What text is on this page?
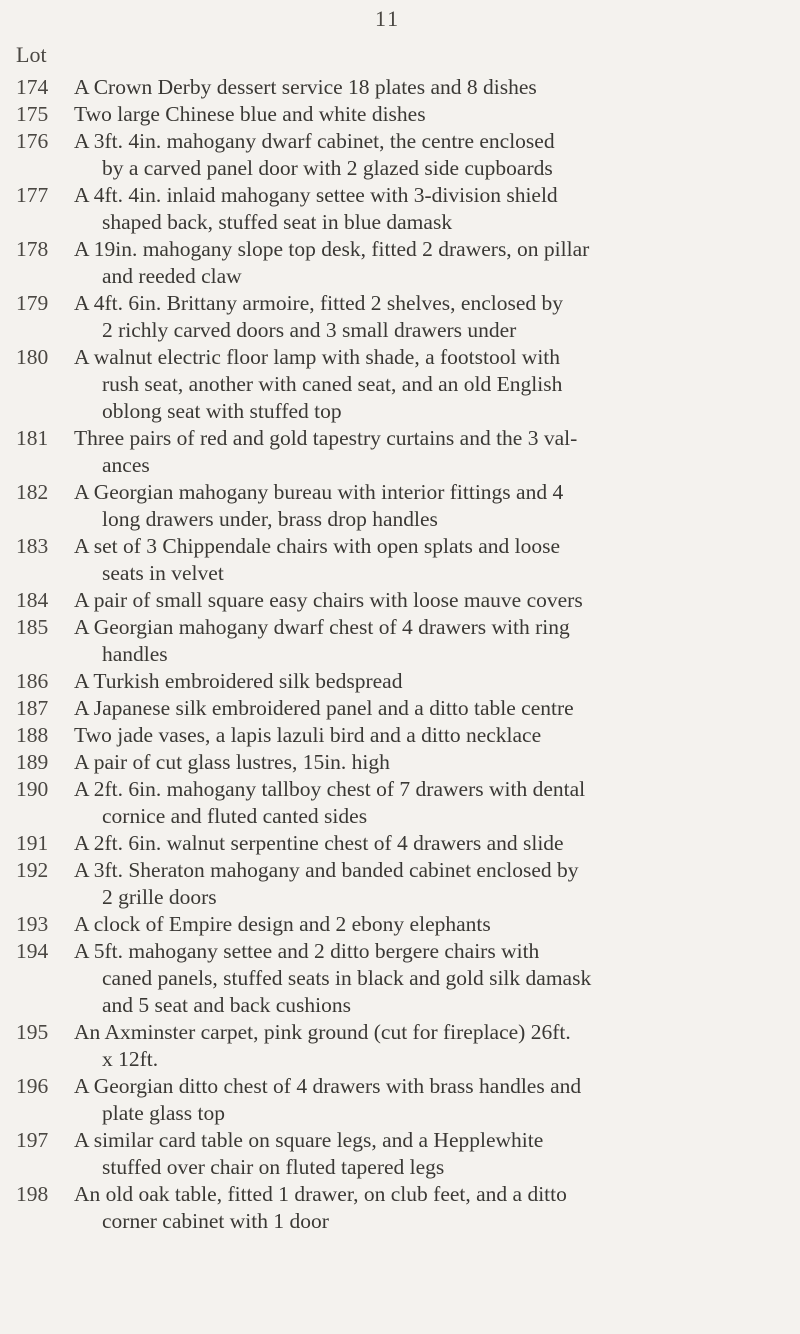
11
Lot
174	A Crown Derby dessert service 18 plates and 8 dishes
175	Two large Chinese blue and white dishes
176	A 3ft. 4in. mahogany dwarf cabinet, the centre enclosed
by a carved panel door with 2 glazed side cupboards
177	A 4ft. 4in. inlaid mahogany settee with 3-division shield
shaped back, stuffed seat in blue damask
178	A 19in. mahogany slope top desk, fitted 2 drawers, on pillar
and reeded claw
179	A 4ft. 6in. Brittany armoire, fitted 2 shelves, enclosed by
2 richly carved doors and 3 small drawers under
180	A walnut electric floor lamp with shade, a footstool with
rush seat, another with caned seat, and an old English
oblong seat with stuffed top
181	Three pairs of red and gold tapestry curtains and the 3 val-
ances
182	A Georgian mahogany bureau with interior fittings and 4
long drawers under, brass drop handles
183	A set of 3 Chippendale chairs with open splats and loose
seats in velvet
184	A pair of small square easy chairs with loose mauve covers
185	A Georgian mahogany dwarf chest of 4 drawers with ring
handles
186	A Turkish embroidered silk bedspread
187	A Japanese silk embroidered panel and a ditto table centre
188	Two jade vases, a lapis lazuli bird and a ditto necklace
189	A pair of cut glass lustres, 15in. high
190	A 2ft. 6in. mahogany tallboy chest of 7 drawers with dental
cornice and fluted canted sides
191	A 2ft. 6in. walnut serpentine chest of 4 drawers and slide
192	A 3ft. Sheraton mahogany and banded cabinet enclosed by
2 grille doors
193	A clock of Empire design and 2 ebony elephants
194	A 5ft. mahogany settee and 2 ditto bergere chairs with
caned panels, stuffed seats in black and gold silk damask
and 5 seat and back cushions
195	An Axminster carpet, pink ground (cut for fireplace) 26ft.
x 12ft.
196	A Georgian ditto chest of 4 drawers with brass handles and
plate glass top
197	A similar card table on square legs, and a Hepplewhite
stuffed over chair on fluted tapered legs
198	An old oak table, fitted 1 drawer, on club feet, and a ditto
corner cabinet with 1 door
